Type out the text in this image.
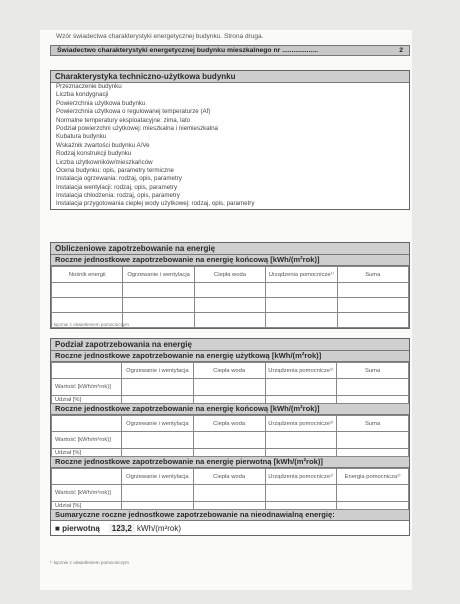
Wzór świadectwa charakterystyki energetycznej budynku. Strona druga.
Świadectwo charakterystyki energetycznej budynku mieszkalnego nr ...................	2
Charakterystyka techniczno-użytkowa budynku
Przeznaczenie budynku
Liczba kondygnacji
Powierzchnia użytkowa budynku
Powierzchnia użytkowa o regulowanej temperaturze (Af)
Normalne temperatury eksploatacyjne: zima, lato
Podział powierzchni użytkowej: mieszkalna i niemieszkalna
Kubatura budynku
Wskaźnik zwartości budynku A/Ve
Rodzaj konstrukcji budynku
Liczba użytkowników/mieszkańców
Ocena budynku: opis, parametry termiczne
Instalacja ogrzewania: rodzaj, opis, parametry
Instalacja wentylacji: rodzaj, opis, parametry
Instalacja chłodzenia: rodzaj, opis, parametry
Instalacja przygotowania ciepłej wody użytkowej: rodzaj, opis, parametry
Obliczeniowe zapotrzebowanie na energię
Roczne jednostkowe zapotrzebowanie na energię końcową [kWh/(m²rok)]
Nośnik energii	Ogrzewanie i wentylacja	Ciepła woda	Urządzenia pomocnicze¹⁾	Suma

¹⁾ łącznie z oświetleniem pomocniczym
Podział zapotrzebowania na energię
Roczne jednostkowe zapotrzebowanie na energię użytkową [kWh/(m²rok)]
	Ogrzewanie i wentylacja	Ciepła woda	Urządzenia pomocnicze¹⁾	Suma
Wartość [kWh/m²rok)]				
Udział [%]				
Roczne jednostkowe zapotrzebowanie na energię końcową [kWh/(m²rok)]
	Ogrzewanie i wentylacja	Ciepła woda	Urządzenia pomocnicze¹⁾	Suma
Wartość [kWh/m²rok)]				
Udział [%]				
Roczne jednostkowe zapotrzebowanie na energię pierwotną [kWh/(m²rok)]
	Ogrzewanie i wentylacja	Ciepła woda	Urządzenia pomocnicze¹⁾	Energia pomocnicza¹⁾
Wartość [kWh/m²rok)]				
Udział [%]				
Sumaryczne roczne jednostkowe zapotrzebowanie na nieodnawialną energię:
■ pierwotną 123,2 kWh/(m²rok)
¹⁾ łącznie z oświetleniem pomocniczym
